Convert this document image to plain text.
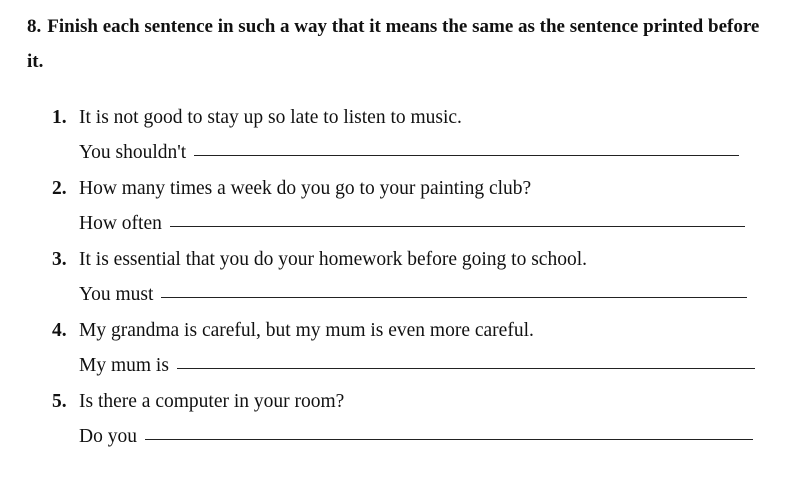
8. Finish each sentence in such a way that it means the same as the sentence printed before it.

1. It is not good to stay up so late to listen to music.
You shouldn't
2. How many times a week do you go to your painting club?
How often
3. It is essential that you do your homework before going to school.
You must
4. My grandma is careful, but my mum is even more careful.
My mum is
5. Is there a computer in your room?
Do you
